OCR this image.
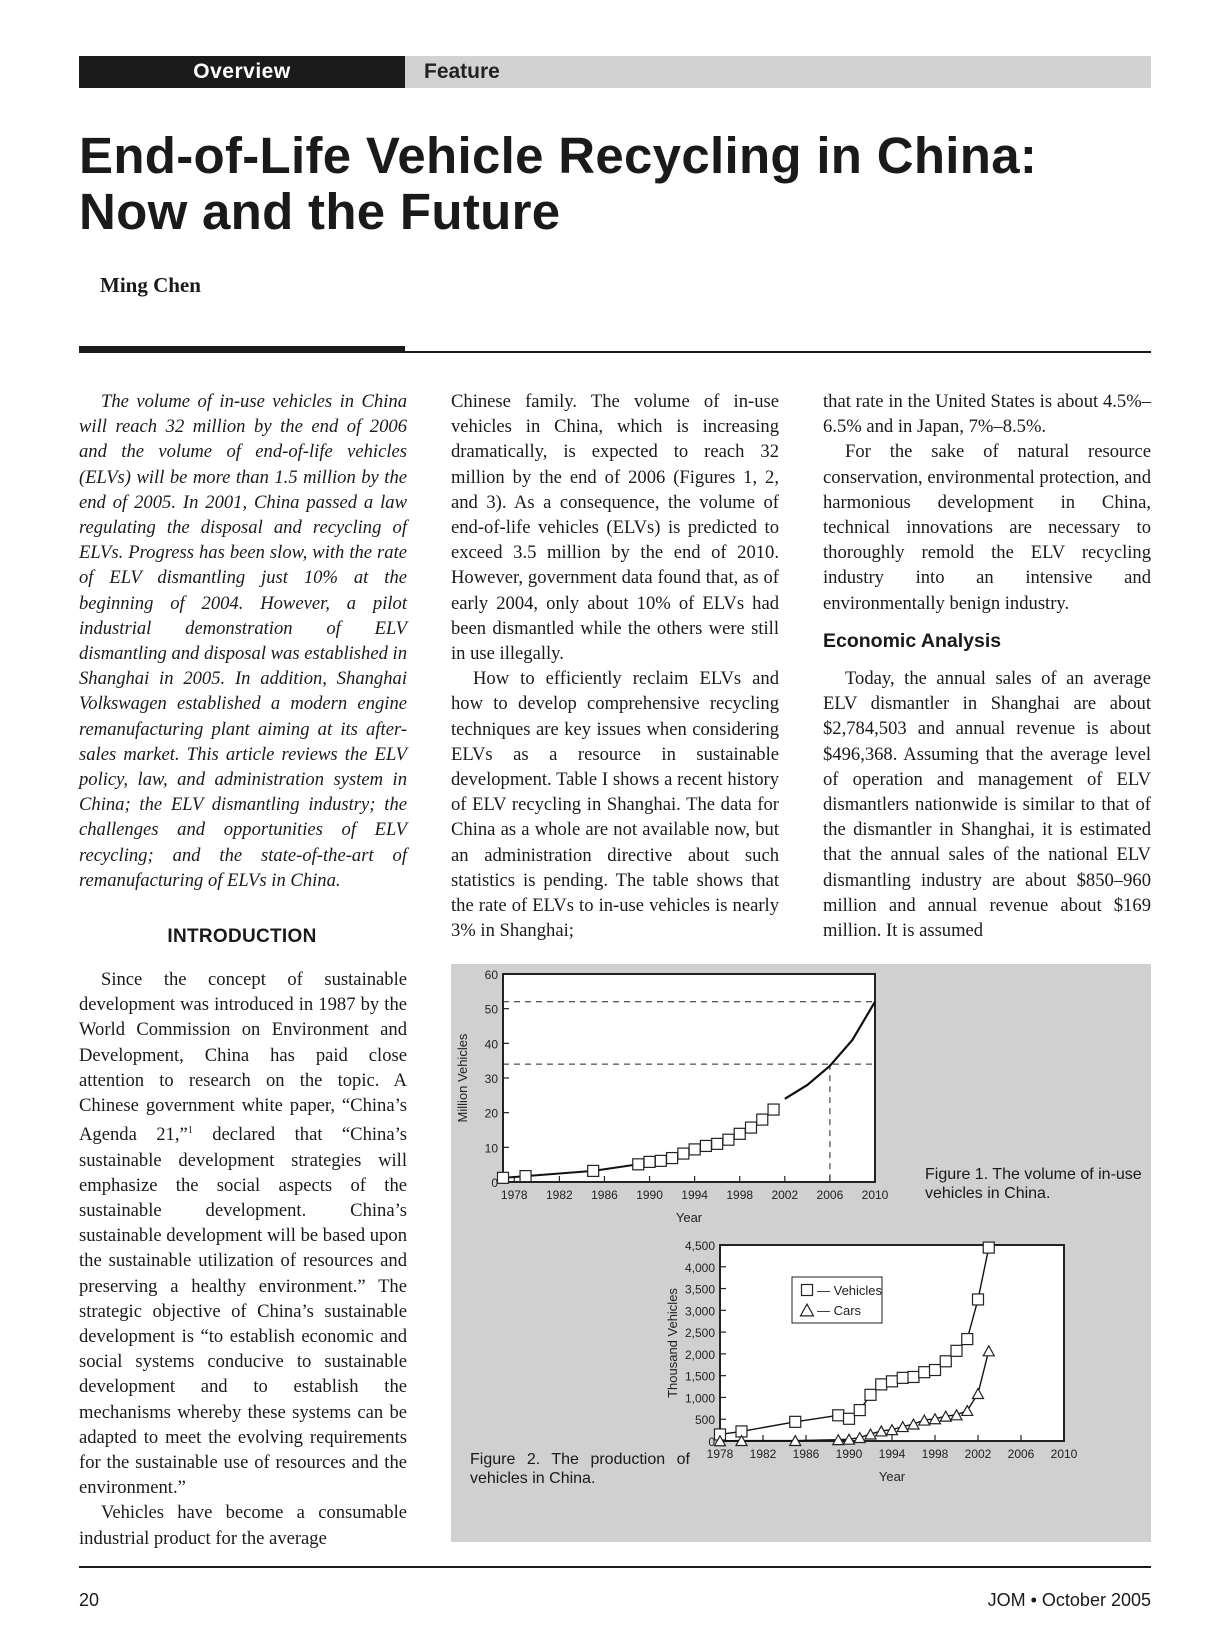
Overview	Feature
End-of-Life Vehicle Recycling in China: Now and the Future
Ming Chen

The volume of in-use vehicles in China will reach 32 million by the end of 2006 and the volume of end-of-life vehicles (ELVs) will be more than 1.5 million by the end of 2005. In 2001, China passed a law regulating the disposal and recycling of ELVs. Progress has been slow, with the rate of ELV dismantling just 10% at the beginning of 2004. However, a pilot industrial demonstration of ELV dismantling and disposal was established in Shanghai in 2005. In addition, Shanghai Volkswagen established a modern engine remanufacturing plant aiming at its after-sales market. This article reviews the ELV policy, law, and administration system in China; the ELV dismantling industry; the challenges and opportunities of ELV recycling; and the state-of-the-art of remanufacturing of ELVs in China.

INTRODUCTION

Since the concept of sustainable development was introduced in 1987 by the World Commission on Environment and Development, China has paid close attention to research on the topic. A Chinese government white paper, “China’s Agenda 21,”$^1$ declared that “China’s sustainable development strategies will emphasize the social aspects of the sustainable development. China’s sustainable development will be based upon the sustainable utilization of resources and preserving a healthy environment.” The strategic objective of China’s sustainable development is “to establish economic and social systems conducive to sustainable development and to establish the mechanisms whereby these systems can be adapted to meet the evolving requirements for the sustainable use of resources and the environment.”

Vehicles have become a consumable industrial product for the average

Chinese family. The volume of in-use vehicles in China, which is increasing dramatically, is expected to reach 32 million by the end of 2006 (Figures 1, 2, and 3). As a consequence, the volume of end-of-life vehicles (ELVs) is predicted to exceed 3.5 million by the end of 2010. However, government data found that, as of early 2004, only about 10% of ELVs had been dismantled while the others were still in use illegally.

How to efficiently reclaim ELVs and how to develop comprehensive recycling techniques are key issues when considering ELVs as a resource in sustainable development. Table I shows a recent history of ELV recycling in Shanghai. The data for China as a whole are not available now, but an administration directive about such statistics is pending. The table shows that the rate of ELVs to in-use vehicles is nearly 3% in Shanghai;

that rate in the United States is about 4.5%–6.5% and in Japan, 7%–8.5%.

For the sake of natural resource conservation, environmental protection, and harmonious development in China, technical innovations are necessary to thoroughly remold the ELV recycling industry into an intensive and environmentally benign industry.

Economic Analysis

Today, the annual sales of an average ELV dismantler in Shanghai are about $2,784,503 and annual revenue is about $496,368. Assuming that the average level of operation and management of ELV dismantlers nationwide is similar to that of the dismantler in Shanghai, it is estimated that the annual sales of the national ELV dismantling industry are about $850–960 million and annual revenue about $169 million. It is assumed

0
10
20
30
40
50
60
1978 1982 1986 1990 1994 1998 2002 2006 2010
Year
Million Vehicles
0
500
1,000
1,500
2,000
2,500
3,000
3,500
4,000
4,500
1978 1982 1986 1990 1994 1998 2002 2006 2010
Year
Thousand Vehicles	— Vehicles
— Cars
Figure 1. The volume of in-use vehicles in China.
Figure 2. The production of vehicles in China.
20	JOM • October 2005
